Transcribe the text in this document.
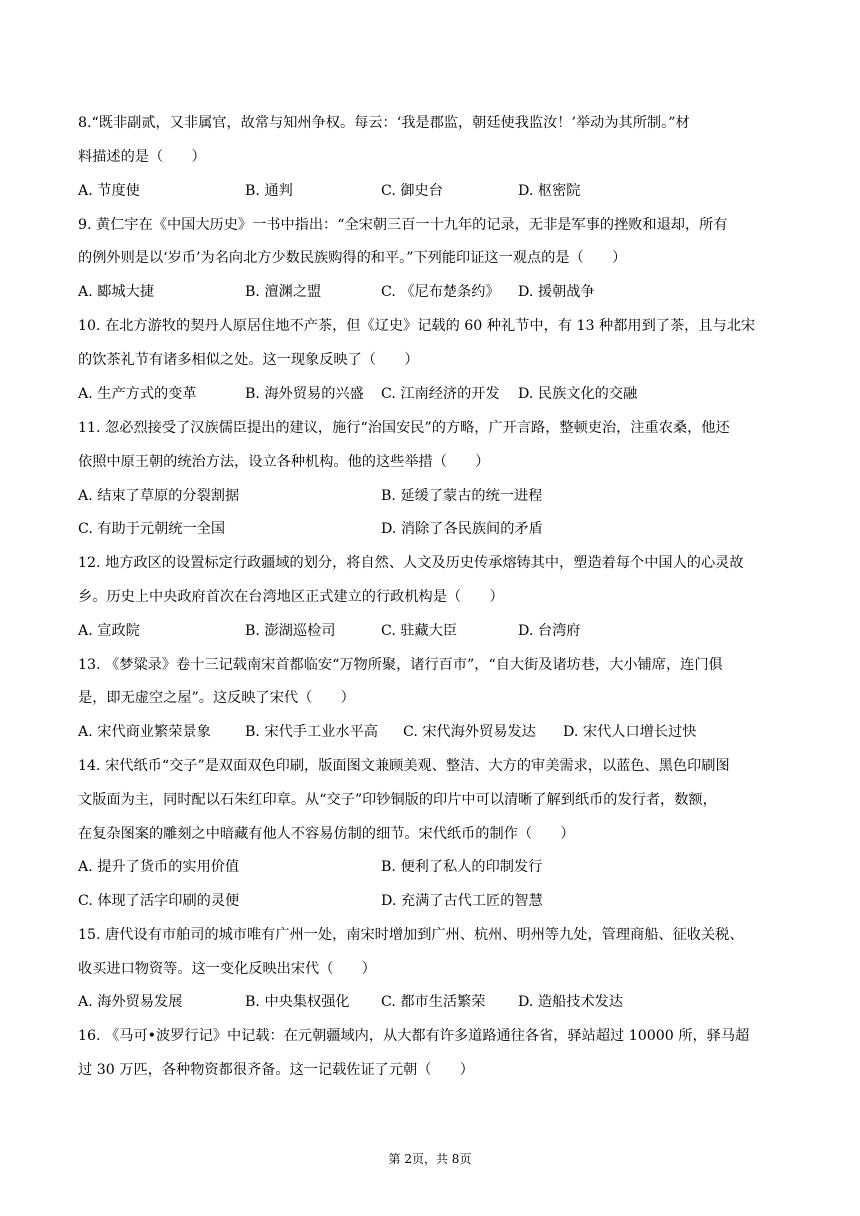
8.“既非副贰，又非属官，故常与知州争权。每云：‘我是郡监，朝廷使我监汝！’举动为其所制。”材
料描述的是（　　）
A. 节度使	B. 通判	C. 御史台	D. 枢密院
9. 黄仁宇在《中国大历史》一书中指出：“全宋朝三百一十九年的记录，无非是军事的挫败和退却，所有
的例外则是以‘岁币’为名向北方少数民族购得的和平。”下列能印证这一观点的是（　　）
A. 郾城大捷	B. 澶渊之盟	C. 《尼布楚条约》 D. 援朝战争
10. 在北方游牧的契丹人原居住地不产茶，但《辽史》记载的 60 种礼节中，有 13 种都用到了茶，且与北宋
的饮茶礼节有诸多相似之处。这一现象反映了（　　）
A. 生产方式的变革	B. 海外贸易的兴盛 C. 江南经济的开发 D. 民族文化的交融
11. 忽必烈接受了汉族儒臣提出的建议，施行“治国安民”的方略，广开言路，整顿吏治，注重农桑，他还
依照中原王朝的统治方法，设立各种机构。他的这些举措（　　）
A. 结束了草原的分裂割据	B. 延缓了蒙古的统一进程
C. 有助于元朝统一全国	D. 消除了各民族间的矛盾
12. 地方政区的设置标定行政疆域的划分，将自然、人文及历史传承熔铸其中，塑造着每个中国人的心灵故
乡。历史上中央政府首次在台湾地区正式建立的行政机构是（　　）
A. 宣政院	B. 澎湖巡检司	C. 驻藏大臣	D. 台湾府
13. 《梦粱录》卷十三记载南宋首都临安“万物所聚，诸行百市”，“自大街及诸坊巷，大小铺席，连门俱
是，即无虚空之屋”。这反映了宋代（　　）
A. 宋代商业繁荣景象 B. 宋代手工业水平高 C. 宋代海外贸易发达 D. 宋代人口增长过快
14. 宋代纸币“交子”是双面双色印刷，版面图文兼顾美观、整洁、大方的审美需求，以蓝色、黑色印刷图
文版面为主，同时配以石朱红印章。从“交子”印钞铜版的印片中可以清晰了解到纸币的发行者，数额，
在复杂图案的雕刻之中暗藏有他人不容易仿制的细节。宋代纸币的制作（　　）
A. 提升了货币的实用价值	B. 便利了私人的印制发行
C. 体现了活字印刷的灵便	D. 充满了古代工匠的智慧
15. 唐代设有市舶司的城市唯有广州一处，南宋时增加到广州、杭州、明州等九处，管理商船、征收关税、
收买进口物资等。这一变化反映出宋代（　　）
A. 海外贸易发展	B. 中央集权强化 C. 都市生活繁荣 D. 造船技术发达
16. 《马可•波罗行记》中记载：在元朝疆域内，从大都有许多道路通往各省，驿站超过 10000 所，驿马超
过 30 万匹，各种物资都很齐备。这一记载佐证了元朝（　　）
第 2页，共 8页
